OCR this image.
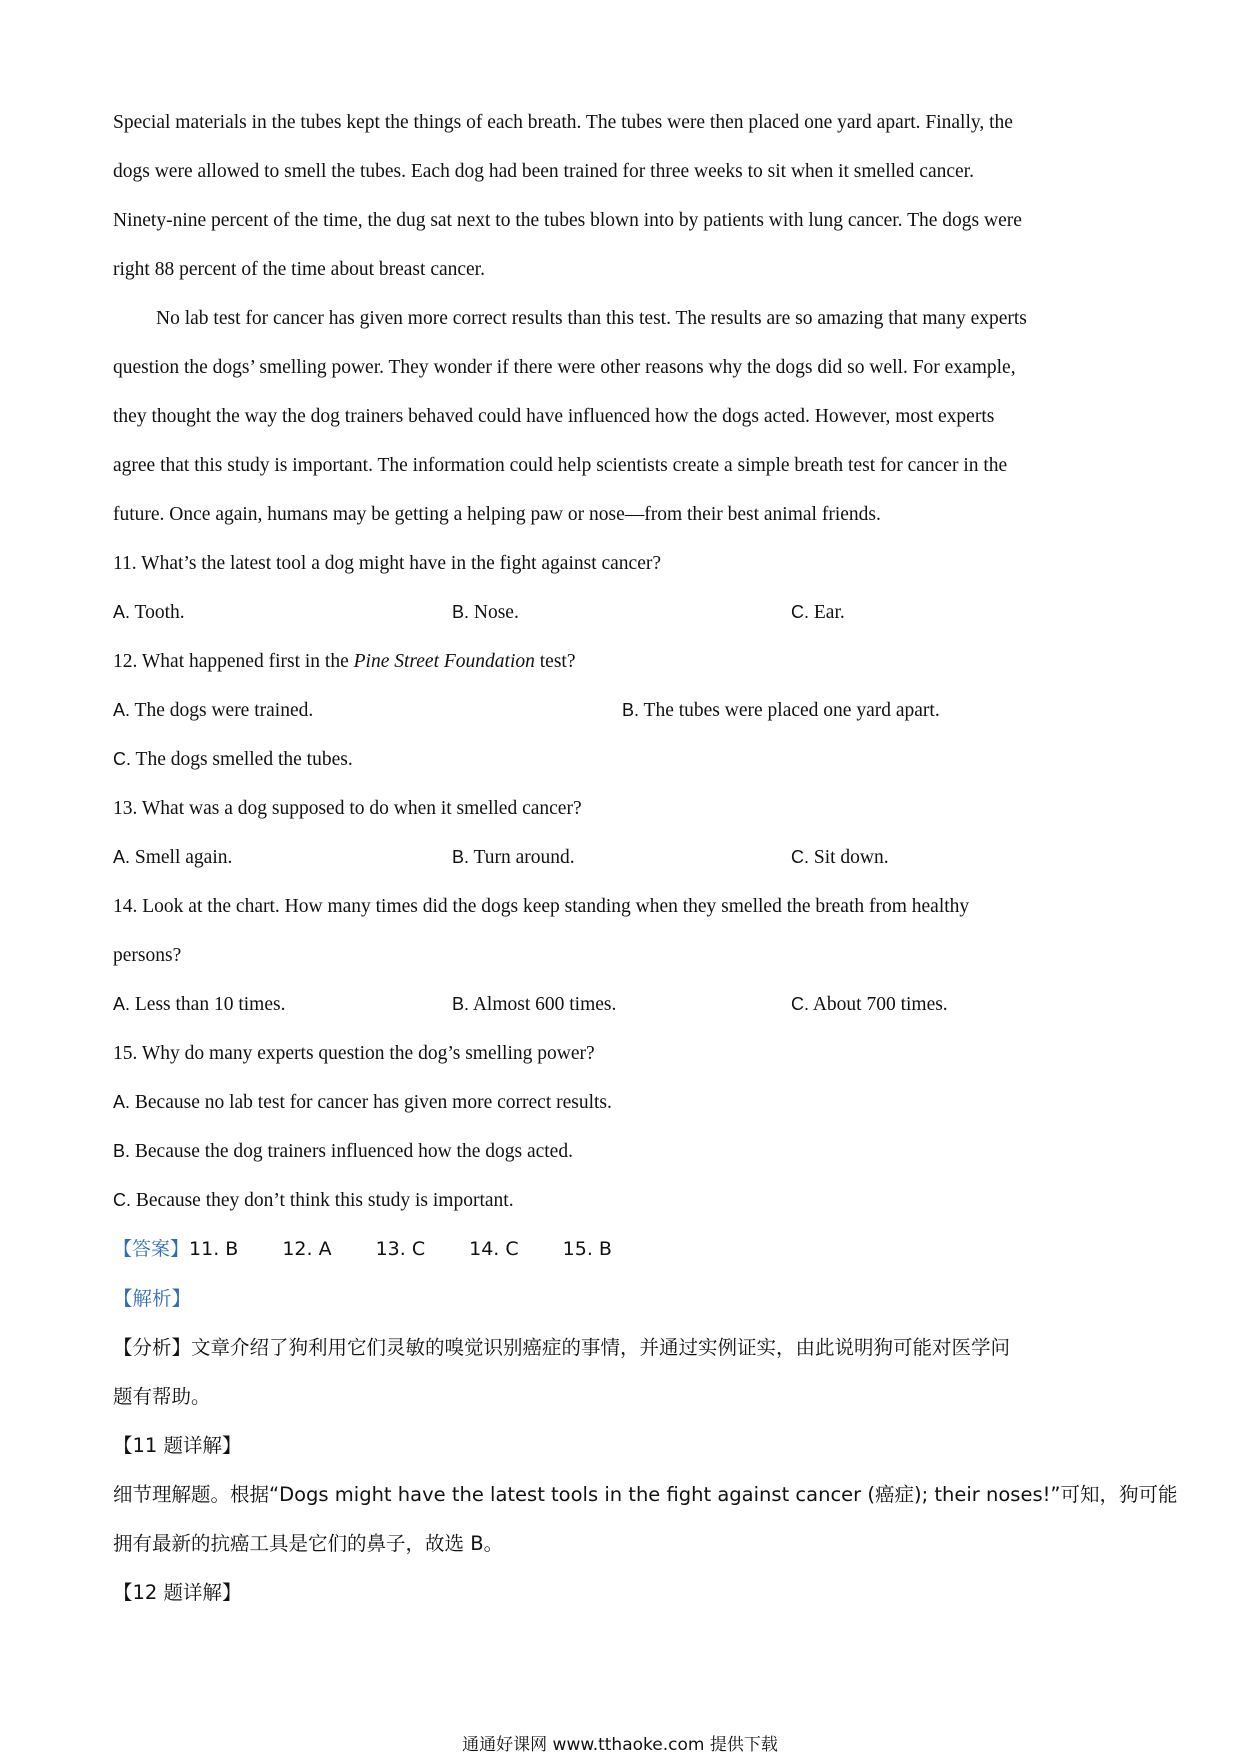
Special materials in the tubes kept the things of each breath. The tubes were then placed one yard apart. Finally, the

dogs were allowed to smell the tubes. Each dog had been trained for three weeks to sit when it smelled cancer.

Ninety-nine percent of the time, the dug sat next to the tubes blown into by patients with lung cancer. The dogs were

right 88 percent of the time about breast cancer.

No lab test for cancer has given more correct results than this test. The results are so amazing that many experts

question the dogs’ smelling power. They wonder if there were other reasons why the dogs did so well. For example,

they thought the way the dog trainers behaved could have influenced how the dogs acted. However, most experts

agree that this study is important. The information could help scientists create a simple breath test for cancer in the

future. Once again, humans may be getting a helping paw or nose—from their best animal friends.

11. What’s the latest tool a dog might have in the fight against cancer?

A. Tooth.	B. Nose.	C. Ear.

12. What happened first in the Pine Street Foundation test?

A. The dogs were trained.	B. The tubes were placed one yard apart.
C. The dogs smelled the tubes.

13. What was a dog supposed to do when it smelled cancer?

A. Smell again.	B. Turn around.	C. Sit down.

14. Look at the chart. How many times did the dogs keep standing when they smelled the breath from healthy

persons?

A. Less than 10 times.	B. Almost 600 times.	C. About 700 times.

15. Why do many experts question the dog’s smelling power?

A.
Because no lab test for cancer has given more correct results.
B.
Because the dog trainers influenced how the dogs acted.
C.
Because they don’t think this study is important.
【答案】 11. B 12. A 13. C 14. C 15. B

【解析】

【分析】文章介绍了狗利用它们灵敏的嗅觉识别癌症的事情，并通过实例证实，由此说明狗可能对医学问

题有帮助。

【11 题详解】

细节理解题。根据“Dogs might have the latest tools in the fight against cancer (癌症); their noses!”可知，狗可能

拥有最新的抗癌工具是它们的鼻子，故选 B。

【12 题详解】

通通好课网 www.tthaoke.com 提供下载
